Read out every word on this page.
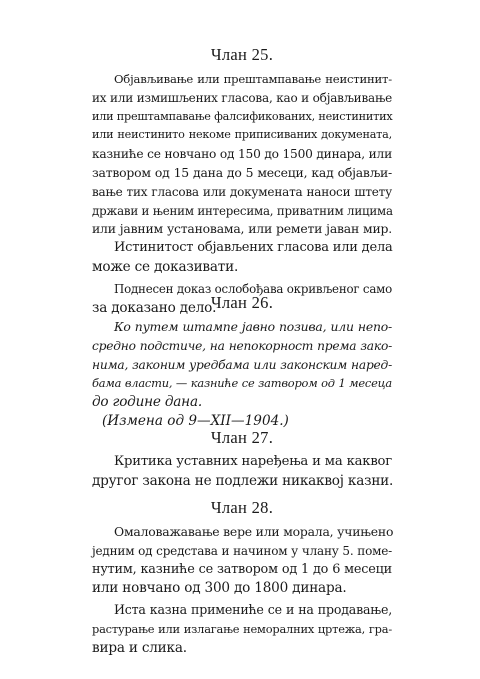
Члан 25.
Објављивање или прештампавање неистинит-
их или измишљених гласова, као и објављивање
или прештампавање фалсификованих, неистинитих
или неистинито некоме приписиваних докумената,
казниће се новчано од 150 до 1500 динара, или
затвором од 15 дана до 5 месеци, кад објављи-
вање тих гласова или докумената наноси штету
држави и њеним интересима, приватним лицима
или јавним установама, или ремети јаван мир.
Истинитост објављених гласова или дела
може се доказивати.
Поднесен доказ ослобођава окривљеног само
за доказано дело.
Члан 26.
Ко путем штампе јавно позива, или непо-
средно подстиче, на непокорност према зако-
нима, законим уредбама или законским наред-
бама власти, — казниће се затвором од 1 месеца
до године дана.
(Измена од 9—XII—1904.)
Члан 27.
Критика уставних наређења и ма каквог
другог закона не подлежи никаквој казни.
Члан 28.
Омаловажавање вере или морала, учињено
једним од средстава и начином у члану 5. поме-
нутим, казниће се затвором од 1 до 6 месеци
или новчано од 300 до 1800 динара.
Иста казна примениће се и на продавање,
растурање или излагање неморалних цртежа, гра-
вира и слика.
